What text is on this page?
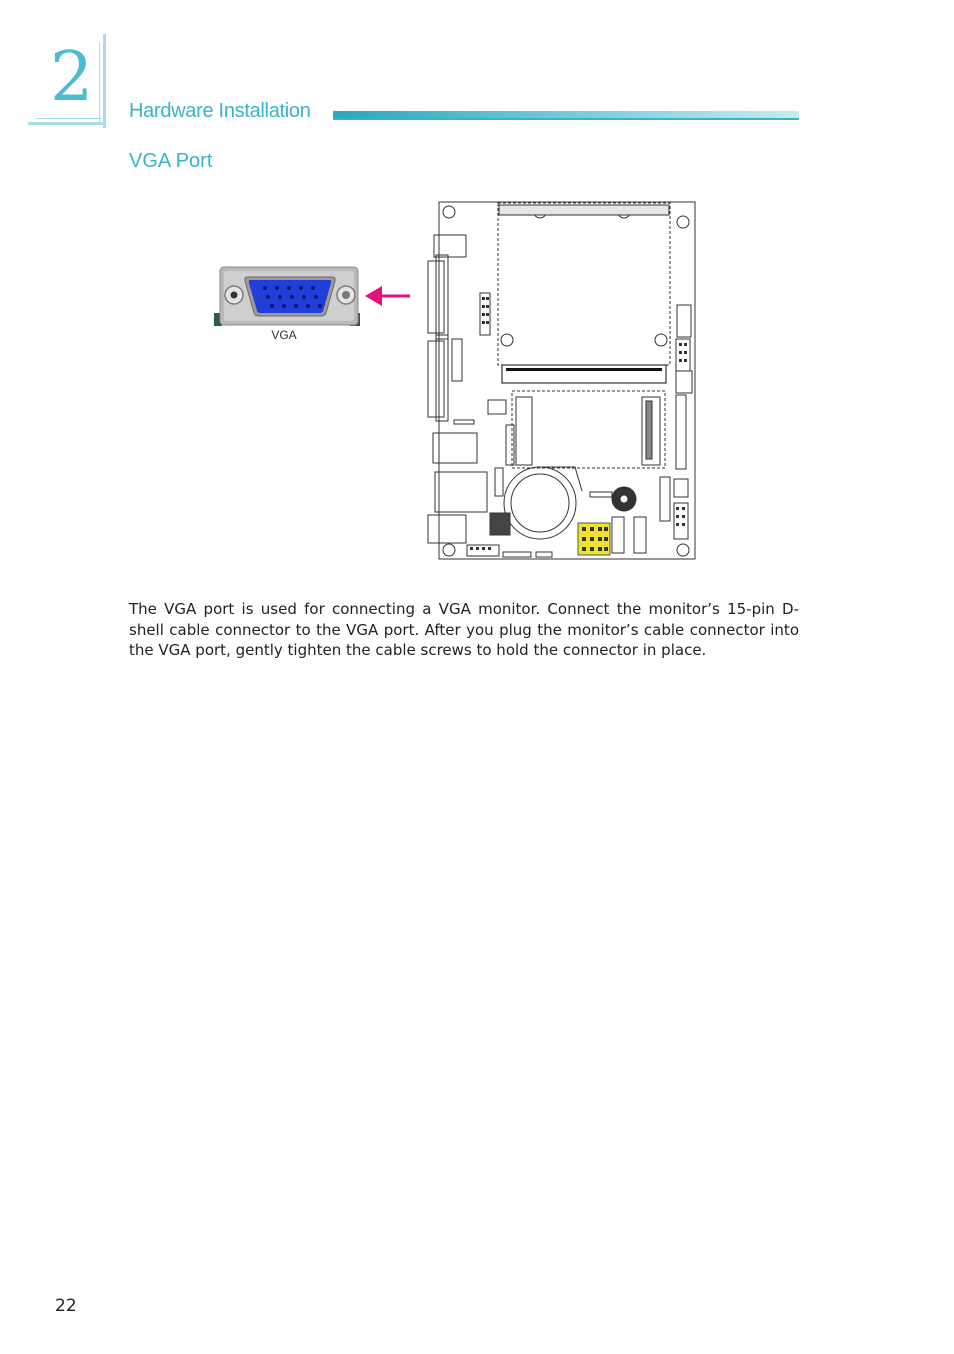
2 Hardware Installation
VGA Port
VGA

The VGA port is used for connecting a VGA monitor. Connect the monitor’s 15-pin D-shell cable connector to the VGA port. After you plug the monitor’s cable connector into the VGA port, gently tighten the cable screws to hold the connector in place.

22
